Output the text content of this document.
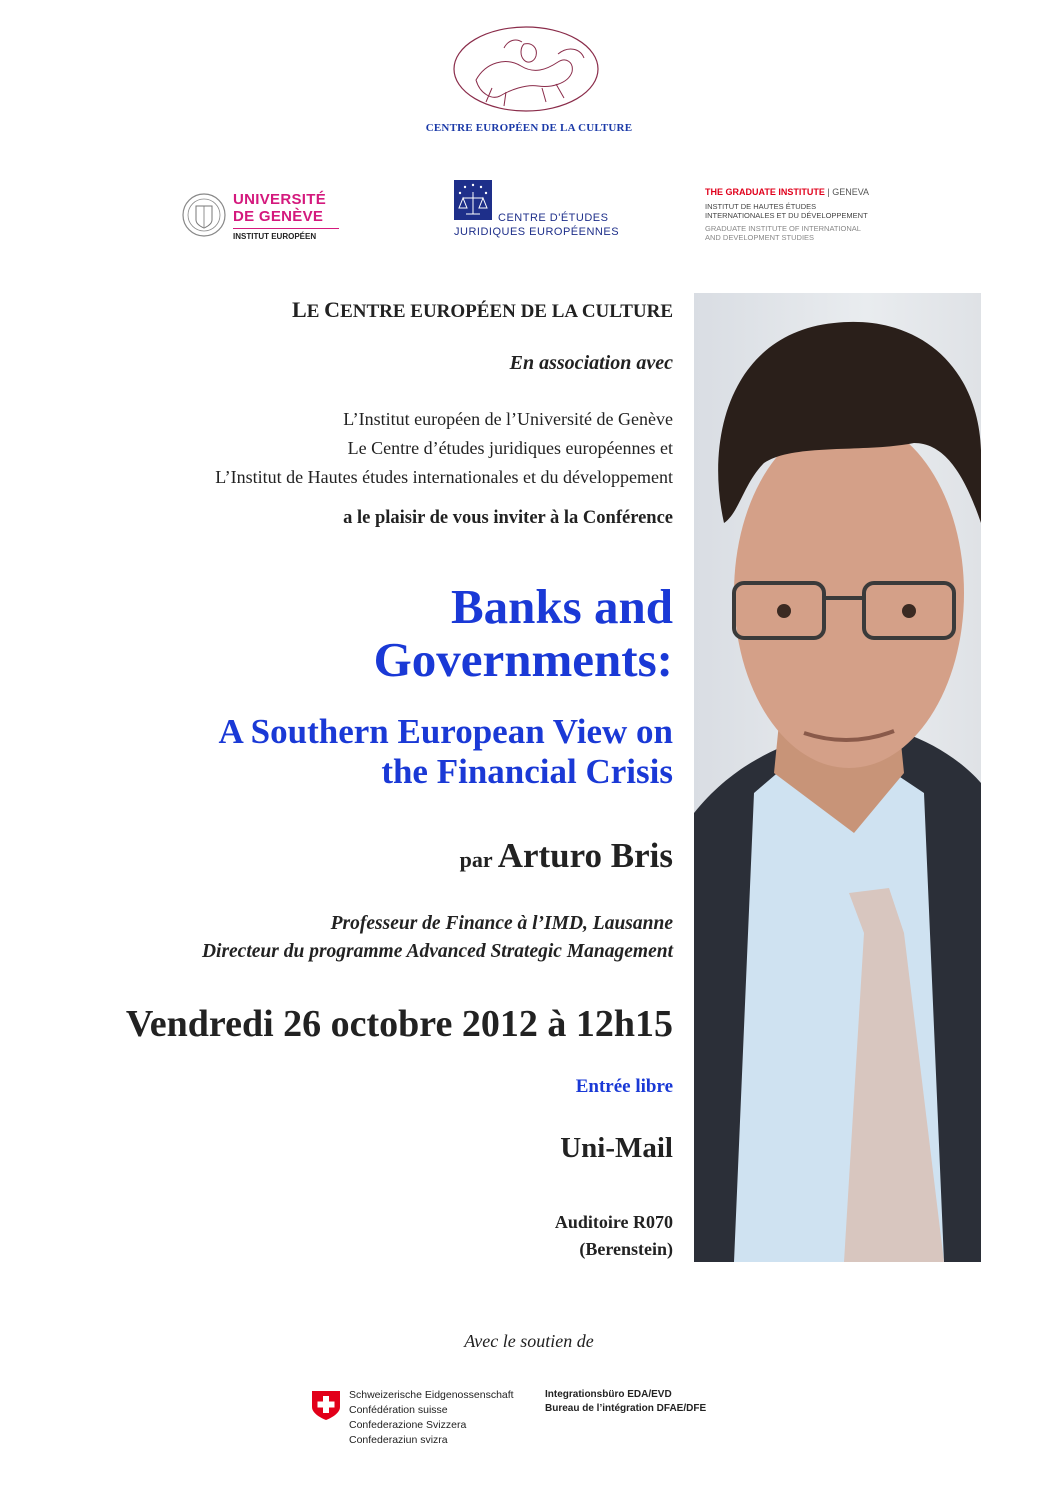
CENTRE EUROPÉEN DE LA CULTURE
UNIVERSITÉ
DE GENÈVE
INSTITUT EUROPÉEN
CENTRE D'ÉTUDES
JURIDIQUES EUROPÉENNES
THE GRADUATE INSTITUTE | GENEVA
INSTITUT DE HAUTES ÉTUDES
INTERNATIONALES ET DU DÉVELOPPEMENT
GRADUATE INSTITUTE OF INTERNATIONAL
AND DEVELOPMENT STUDIES
LE CENTRE EUROPÉEN DE LA CULTURE
En association avec
L’Institut européen de l’Université de Genève
Le Centre d’études juridiques européennes et
L’Institut de Hautes études internationales et du développement
a le plaisir de vous inviter à la Conférence
Banks and
Governments:
A Southern European View on
the Financial Crisis
par Arturo Bris
Professeur de Finance à l’IMD, Lausanne
Directeur du programme Advanced Strategic Management
Vendredi 26 octobre 2012 à 12h15
Entrée libre
Uni-Mail
Auditoire R070
(Berenstein)
Avec le soutien de
Schweizerische Eidgenossenschaft
Confédération suisse
Confederazione Svizzera
Confederaziun svizra
Integrationsbüro EDA/EVD
Bureau de l’intégration DFAE/DFE
